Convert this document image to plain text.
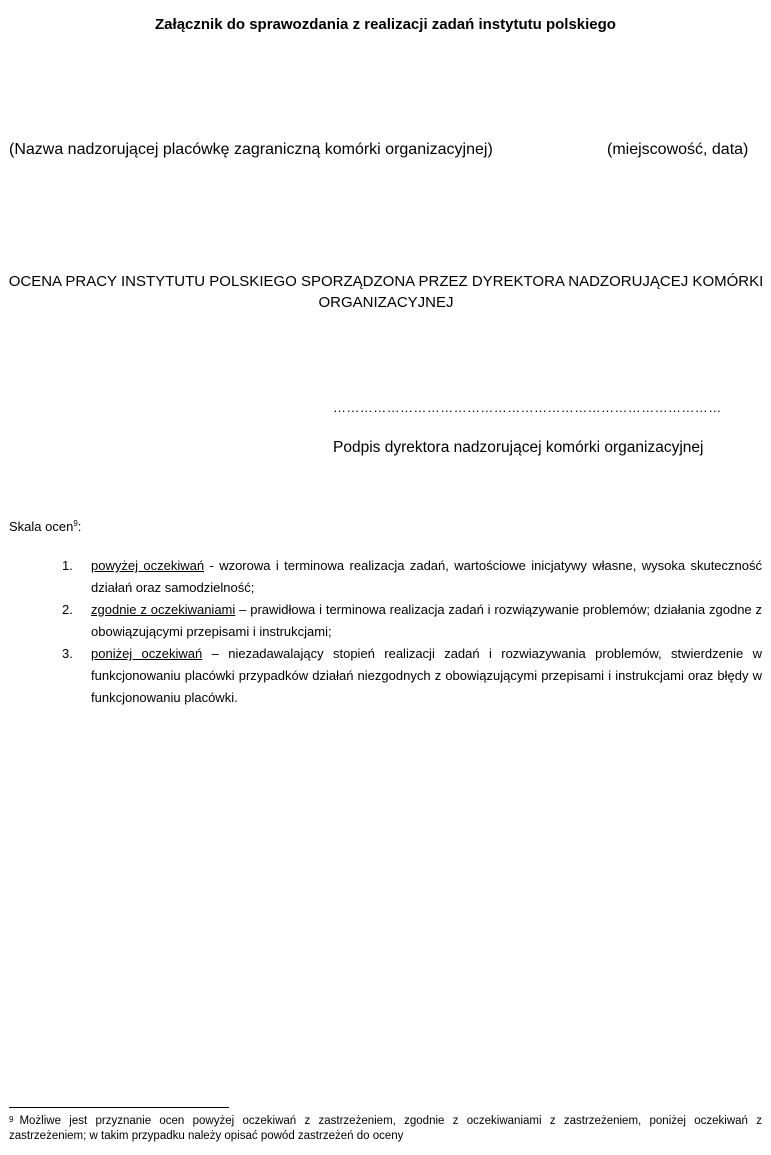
Załącznik do sprawozdania z realizacji zadań instytutu polskiego
(Nazwa nadzorującej placówkę zagraniczną komórki organizacyjnej)	(miejscowość, data)
OCENA PRACY INSTYTUTU POLSKIEGO SPORZĄDZONA PRZEZ DYREKTORA NADZORUJĄCEJ KOMÓRKI ORGANIZACYJNEJ
……………………………………………………………………………
Podpis dyrektora nadzorującej komórki organizacyjnej
Skala ocen$^9$:
1. powyżej oczekiwań - wzorowa i terminowa realizacja zadań, wartościowe inicjatywy własne, wysoka skuteczność działań oraz samodzielność;
2. zgodnie z oczekiwaniami – prawidłowa i terminowa realizacja zadań i rozwiązywanie problemów; działania zgodne z obowiązującymi przepisami i instrukcjami;
3. poniżej oczekiwań – niezadawalający stopień realizacji zadań i rozwiazywania problemów, stwierdzenie w funkcjonowaniu placówki przypadków działań niezgodnych z obowiązującymi przepisami i instrukcjami oraz błędy w funkcjonowaniu placówki.
$^9$ Możliwe jest przyznanie ocen powyżej oczekiwań z zastrzeżeniem, zgodnie z oczekiwaniami z zastrzeżeniem, poniżej oczekiwań z zastrzeżeniem; w takim przypadku należy opisać powód zastrzeżeń do oceny
